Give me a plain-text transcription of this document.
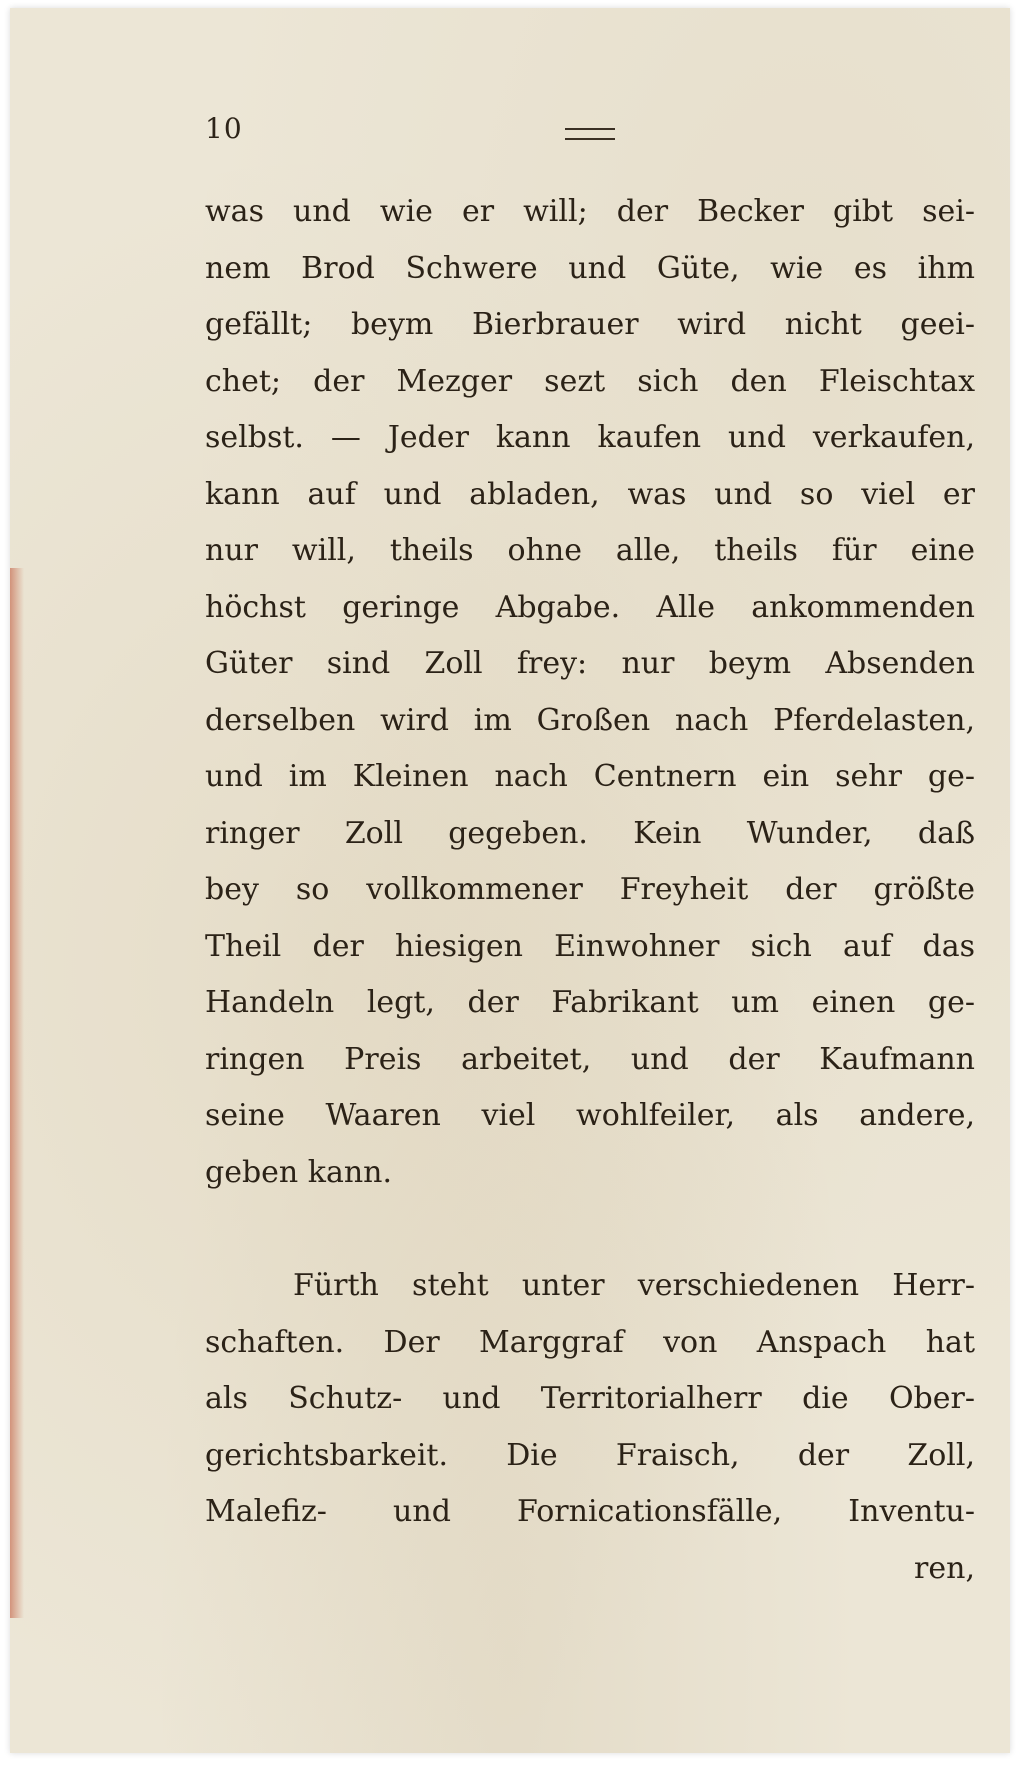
10
was und wie er will; der Becker gibt sei-
nem Brod Schwere und Güte, wie es ihm
gefällt; beym Bierbrauer wird nicht geei-
chet; der Mezger sezt sich den Fleischtax
selbst. — Jeder kann kaufen und verkaufen,
kann auf und abladen, was und so viel er
nur will, theils ohne alle, theils für eine
höchst geringe Abgabe. Alle ankommenden
Güter sind Zoll frey: nur beym Absenden
derselben wird im Großen nach Pferdelasten,
und im Kleinen nach Centnern ein sehr ge-
ringer Zoll gegeben. Kein Wunder, daß
bey so vollkommener Freyheit der größte
Theil der hiesigen Einwohner sich auf das
Handeln legt, der Fabrikant um einen ge-
ringen Preis arbeitet, und der Kaufmann
seine Waaren viel wohlfeiler, als andere,
geben kann.
Fürth steht unter verschiedenen Herr-
schaften. Der Marggraf von Anspach hat
als Schutz- und Territorialherr die Ober-
gerichtsbarkeit. Die Fraisch, der Zoll,
Malefiz- und Fornicationsfälle, Inventu-
ren,
